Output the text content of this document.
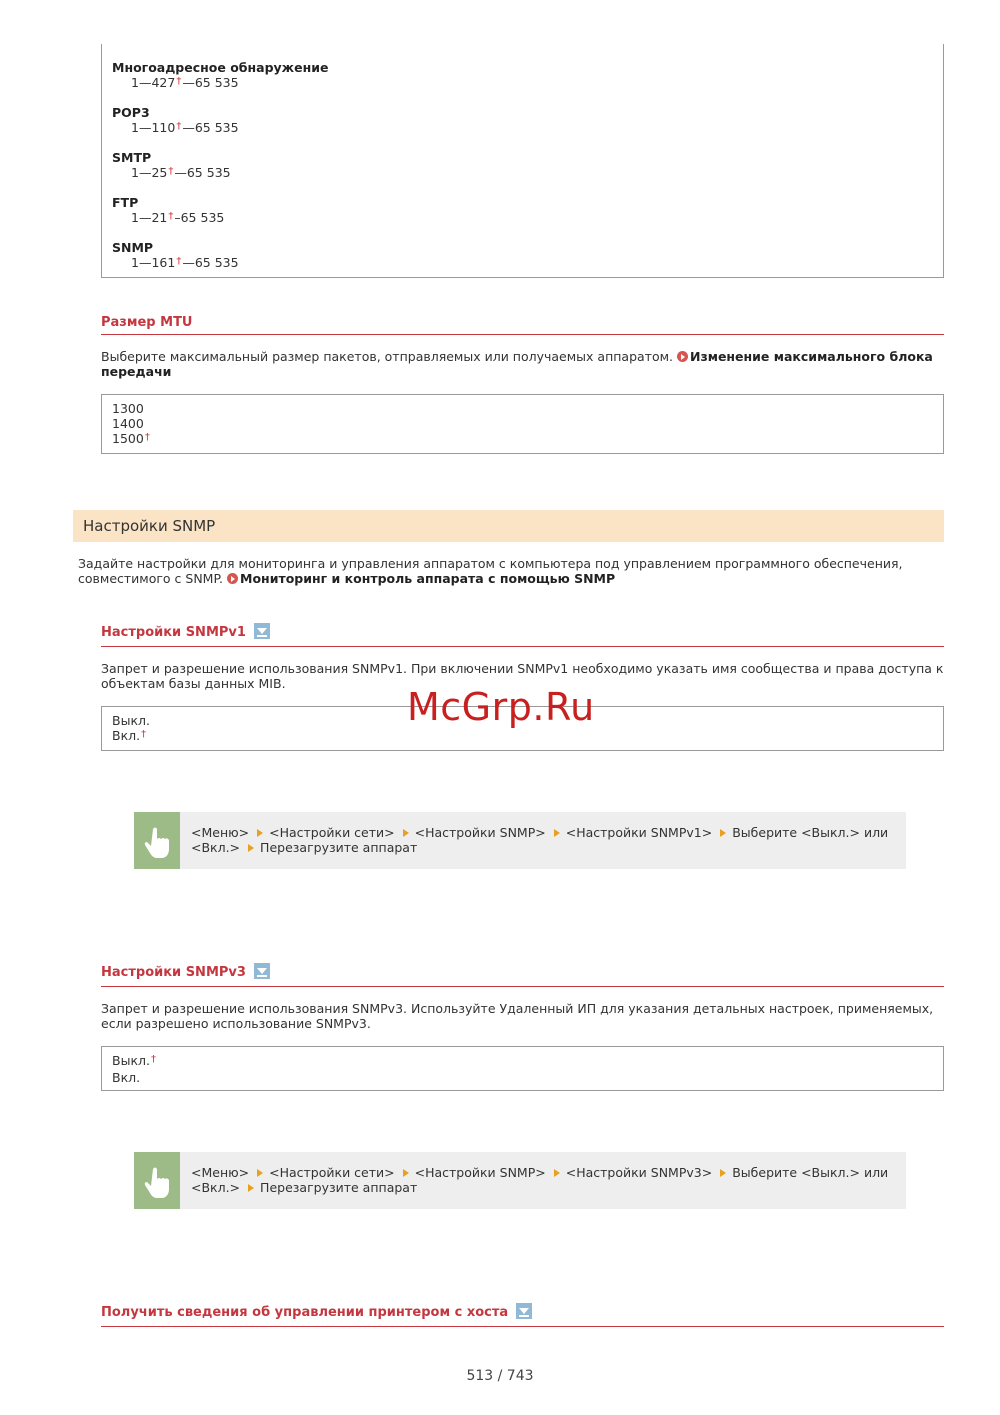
Многоадресное обнаружение
1—427†—65 535
POP3
1—110†—65 535
SMTP
1—25†—65 535
FTP
1—21†–65 535
SNMP
1—161†—65 535
Размер MTU
Выберите максимальный размер пакетов, отправляемых или получаемых аппаратом. Изменение максимального блока
передачи
1300
1400
1500†
Настройки SNMP
Задайте настройки для мониторинга и управления аппаратом с компьютера под управлением программного обеспечения,
совместимого с SNMP. Мониторинг и контроль аппарата с помощью SNMP
Настройки SNMPv1
Запрет и разрешение использования SNMPv1. При включении SNMPv1 необходимо указать имя сообщества и права доступа к
объектам базы данных MIB.
Выкл.
Вкл.†
<Меню> <Настройки сети> <Настройки SNMP> <Настройки SNMPv1> Выберите <Выкл.> или
<Вкл.> Перезагрузите аппарат
Настройки SNMPv3
Запрет и разрешение использования SNMPv3. Используйте Удаленный ИП для указания детальных настроек, применяемых,
если разрешено использование SNMPv3.
Выкл.†
Вкл.
<Меню> <Настройки сети> <Настройки SNMP> <Настройки SNMPv3> Выберите <Выкл.> или
<Вкл.> Перезагрузите аппарат
Получить сведения об управлении принтером с хоста
McGrp.Ru
513 / 743
